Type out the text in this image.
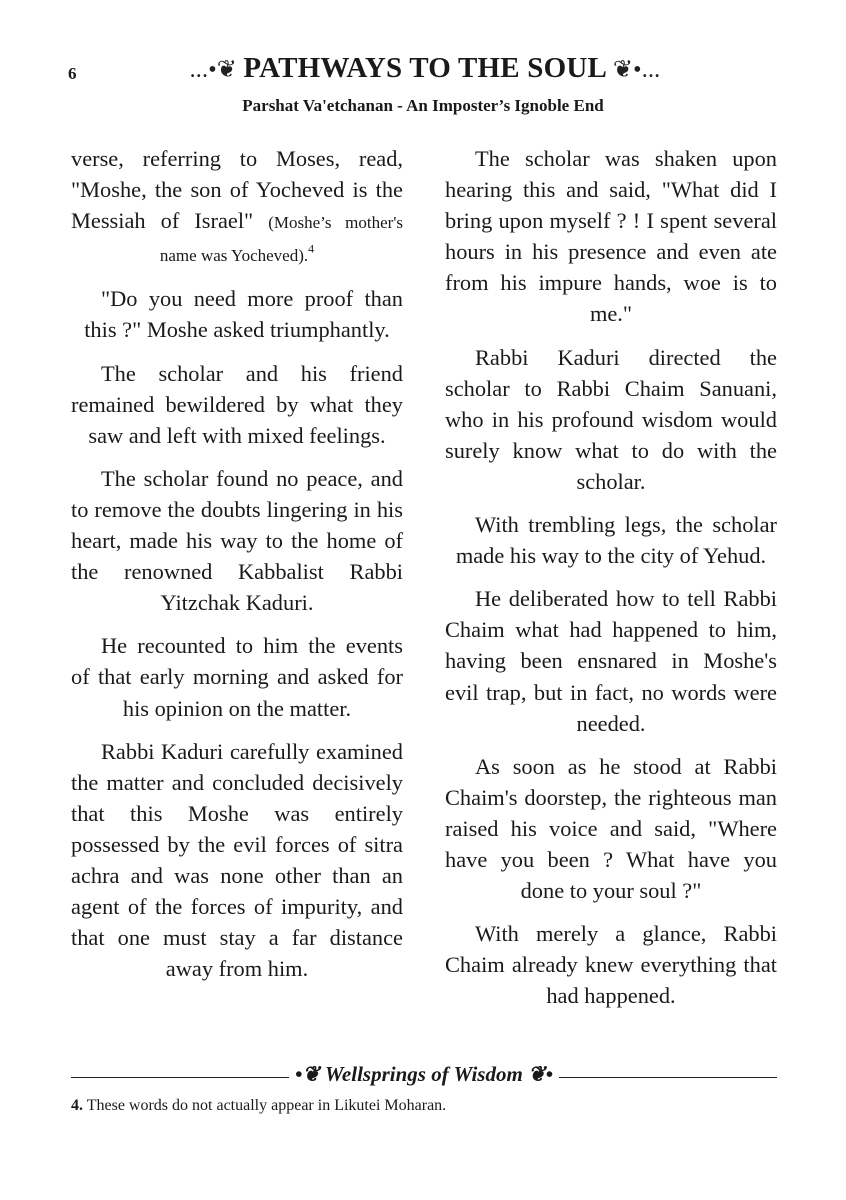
6	...•❦ PATHWAYS TO THE SOUL ❦•...
Parshat Va'etchanan - An Imposter’s Ignoble End

verse, referring to Moses, read, "Moshe, the son of Yocheved is the Messiah of Israel" (Moshe’s mother's name was Yocheved).$^4$

"Do you need more proof than this ?" Moshe asked triumphantly.

The scholar and his friend remained bewildered by what they saw and left with mixed feelings.

The scholar found no peace, and to remove the doubts lingering in his heart, made his way to the home of the renowned Kabbalist Rabbi Yitzchak Kaduri.

He recounted to him the events of that early morning and asked for his opinion on the matter.

Rabbi Kaduri carefully examined the matter and concluded decisively that this Moshe was entirely possessed by the evil forces of sitra achra and was none other than an agent of the forces of impurity, and that one must stay a far distance away from him.

The scholar was shaken upon hearing this and said, "What did I bring upon myself ? ! I spent several hours in his presence and even ate from his impure hands, woe is to me."

Rabbi Kaduri directed the scholar to Rabbi Chaim Sanuani, who in his profound wisdom would surely know what to do with the scholar.

With trembling legs, the scholar made his way to the city of Yehud.

He deliberated how to tell Rabbi Chaim what had happened to him, having been ensnared in Moshe's evil trap, but in fact, no words were needed.

As soon as he stood at Rabbi Chaim's doorstep, the righteous man raised his voice and said, "Where have you been ? What have you done to your soul ?"

With merely a glance, Rabbi Chaim already knew everything that had happened.

•❦ Wellsprings of Wisdom ❦•
4. These words do not actually appear in Likutei Moharan.
